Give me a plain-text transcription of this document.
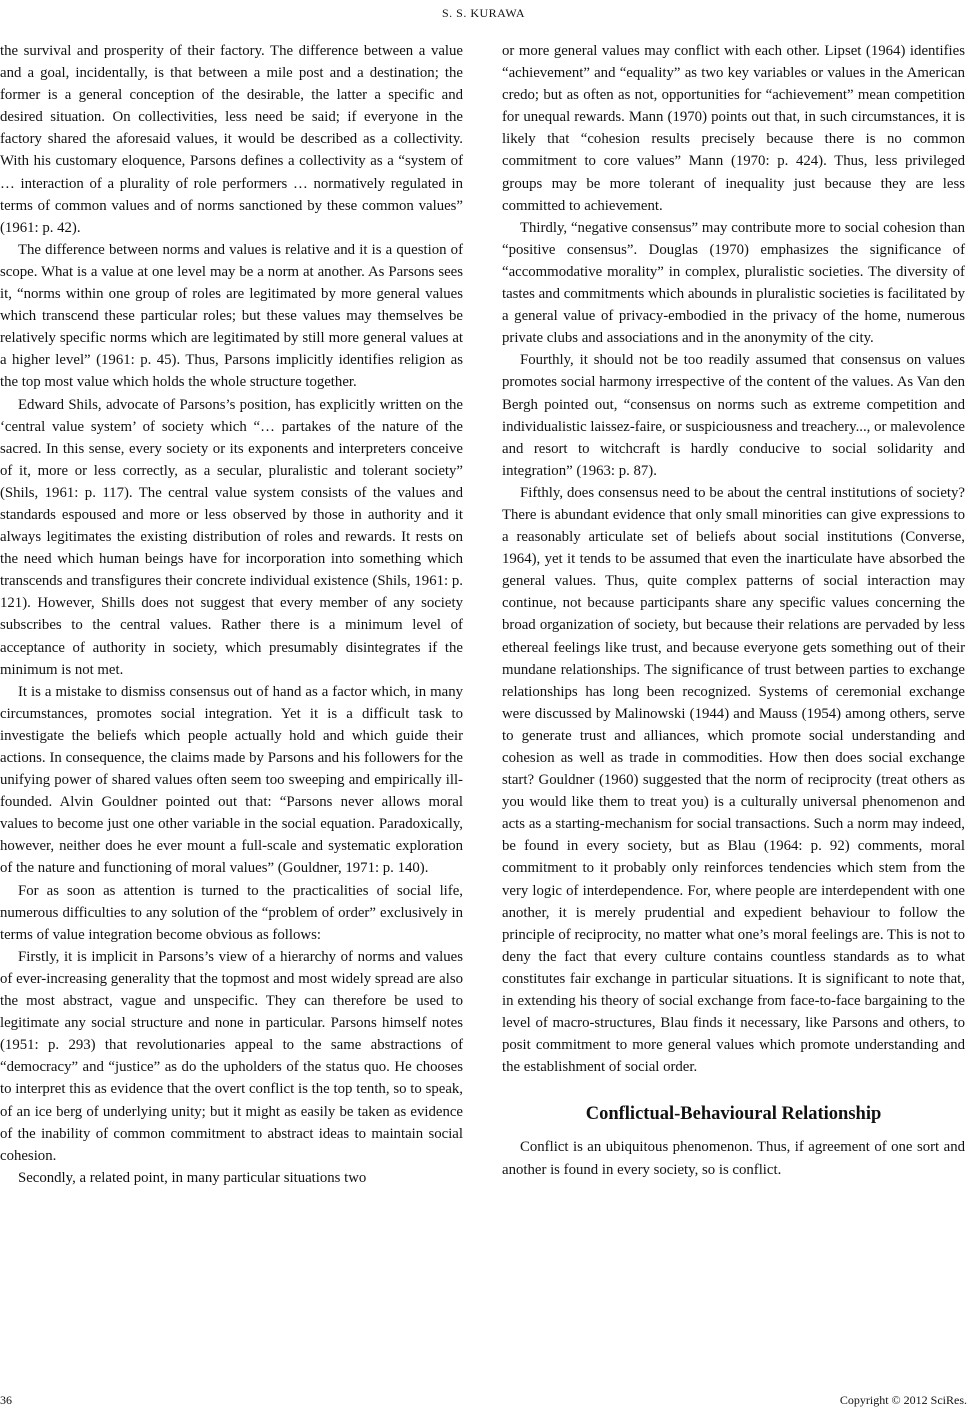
S. S. KURAWA

the survival and prosperity of their factory. The difference between a value and a goal, incidentally, is that between a mile post and a destination; the former is a general conception of the desirable, the latter a specific and desired situation. On collectivities, less need be said; if everyone in the factory shared the aforesaid values, it would be described as a collectivity. With his customary eloquence, Parsons defines a collectivity as a “system of … interaction of a plurality of role performers … normatively regulated in terms of common values and of norms sanctioned by these common values” (1961: p. 42).

The difference between norms and values is relative and it is a question of scope. What is a value at one level may be a norm at another. As Parsons sees it, “norms within one group of roles are legitimated by more general values which transcend these particular roles; but these values may themselves be relatively specific norms which are legitimated by still more general values at a higher level” (1961: p. 45). Thus, Parsons implicitly identifies religion as the top most value which holds the whole structure together.

Edward Shils, advocate of Parsons’s position, has explicitly written on the ‘central value system’ of society which “… partakes of the nature of the sacred. In this sense, every society or its exponents and interpreters conceive of it, more or less correctly, as a secular, pluralistic and tolerant society” (Shils, 1961: p. 117). The central value system consists of the values and standards espoused and more or less observed by those in authority and it always legitimates the existing distribution of roles and rewards. It rests on the need which human beings have for incorporation into something which transcends and transfigures their concrete individual existence (Shils, 1961: p. 121). However, Shills does not suggest that every member of any society subscribes to the central values. Rather there is a minimum level of acceptance of authority in society, which presumably disintegrates if the minimum is not met.

It is a mistake to dismiss consensus out of hand as a factor which, in many circumstances, promotes social integration. Yet it is a difficult task to investigate the beliefs which people actually hold and which guide their actions. In consequence, the claims made by Parsons and his followers for the unifying power of shared values often seem too sweeping and empirically ill-founded. Alvin Gouldner pointed out that: “Parsons never allows moral values to become just one other variable in the social equation. Paradoxically, however, neither does he ever mount a full-scale and systematic exploration of the nature and functioning of moral values” (Gouldner, 1971: p. 140).

For as soon as attention is turned to the practicalities of social life, numerous difficulties to any solution of the “problem of order” exclusively in terms of value integration become obvious as follows:

Firstly, it is implicit in Parsons’s view of a hierarchy of norms and values of ever-increasing generality that the topmost and most widely spread are also the most abstract, vague and unspecific. They can therefore be used to legitimate any social structure and none in particular. Parsons himself notes (1951: p. 293) that revolutionaries appeal to the same abstractions of “democracy” and “justice” as do the upholders of the status quo. He chooses to interpret this as evidence that the overt conflict is the top tenth, so to speak, of an ice berg of underlying unity; but it might as easily be taken as evidence of the inability of common commitment to abstract ideas to maintain social cohesion.

Secondly, a related point, in many particular situations two

or more general values may conflict with each other. Lipset (1964) identifies “achievement” and “equality” as two key variables or values in the American credo; but as often as not, opportunities for “achievement” mean competition for unequal rewards. Mann (1970) points out that, in such circumstances, it is likely that “cohesion results precisely because there is no common commitment to core values” Mann (1970: p. 424). Thus, less privileged groups may be more tolerant of inequality just because they are less committed to achievement.

Thirdly, “negative consensus” may contribute more to social cohesion than “positive consensus”. Douglas (1970) emphasizes the significance of “accommodative morality” in complex, pluralistic societies. The diversity of tastes and commitments which abounds in pluralistic societies is facilitated by a general value of privacy-embodied in the privacy of the home, numerous private clubs and associations and in the anonymity of the city.

Fourthly, it should not be too readily assumed that consensus on values promotes social harmony irrespective of the content of the values. As Van den Bergh pointed out, “consensus on norms such as extreme competition and individualistic laissez-faire, or suspiciousness and treachery..., or malevolence and resort to witchcraft is hardly conducive to social solidarity and integration” (1963: p. 87).

Fifthly, does consensus need to be about the central institutions of society? There is abundant evidence that only small minorities can give expressions to a reasonably articulate set of beliefs about social institutions (Converse, 1964), yet it tends to be assumed that even the inarticulate have absorbed the general values. Thus, quite complex patterns of social interaction may continue, not because participants share any specific values concerning the broad organization of society, but because their relations are pervaded by less ethereal feelings like trust, and because everyone gets something out of their mundane relationships. The significance of trust between parties to exchange relationships has long been recognized. Systems of ceremonial exchange were discussed by Malinowski (1944) and Mauss (1954) among others, serve to generate trust and alliances, which promote social understanding and cohesion as well as trade in commodities. How then does social exchange start? Gouldner (1960) suggested that the norm of reciprocity (treat others as you would like them to treat you) is a culturally universal phenomenon and acts as a starting-mechanism for social transactions. Such a norm may indeed, be found in every society, but as Blau (1964: p. 92) comments, moral commitment to it probably only reinforces tendencies which stem from the very logic of interdependence. For, where people are interdependent with one another, it is merely prudential and expedient behaviour to follow the principle of reciprocity, no matter what one’s moral feelings are. This is not to deny the fact that every culture contains countless standards as to what constitutes fair exchange in particular situations. It is significant to note that, in extending his theory of social exchange from face-to-face bargaining to the level of macro-structures, Blau finds it necessary, like Parsons and others, to posit commitment to more general values which promote understanding and the establishment of social order.

Conflictual-Behavioural Relationship

Conflict is an ubiquitous phenomenon. Thus, if agreement of one sort and another is found in every society, so is conflict.

36	Copyright © 2012 SciRes.
